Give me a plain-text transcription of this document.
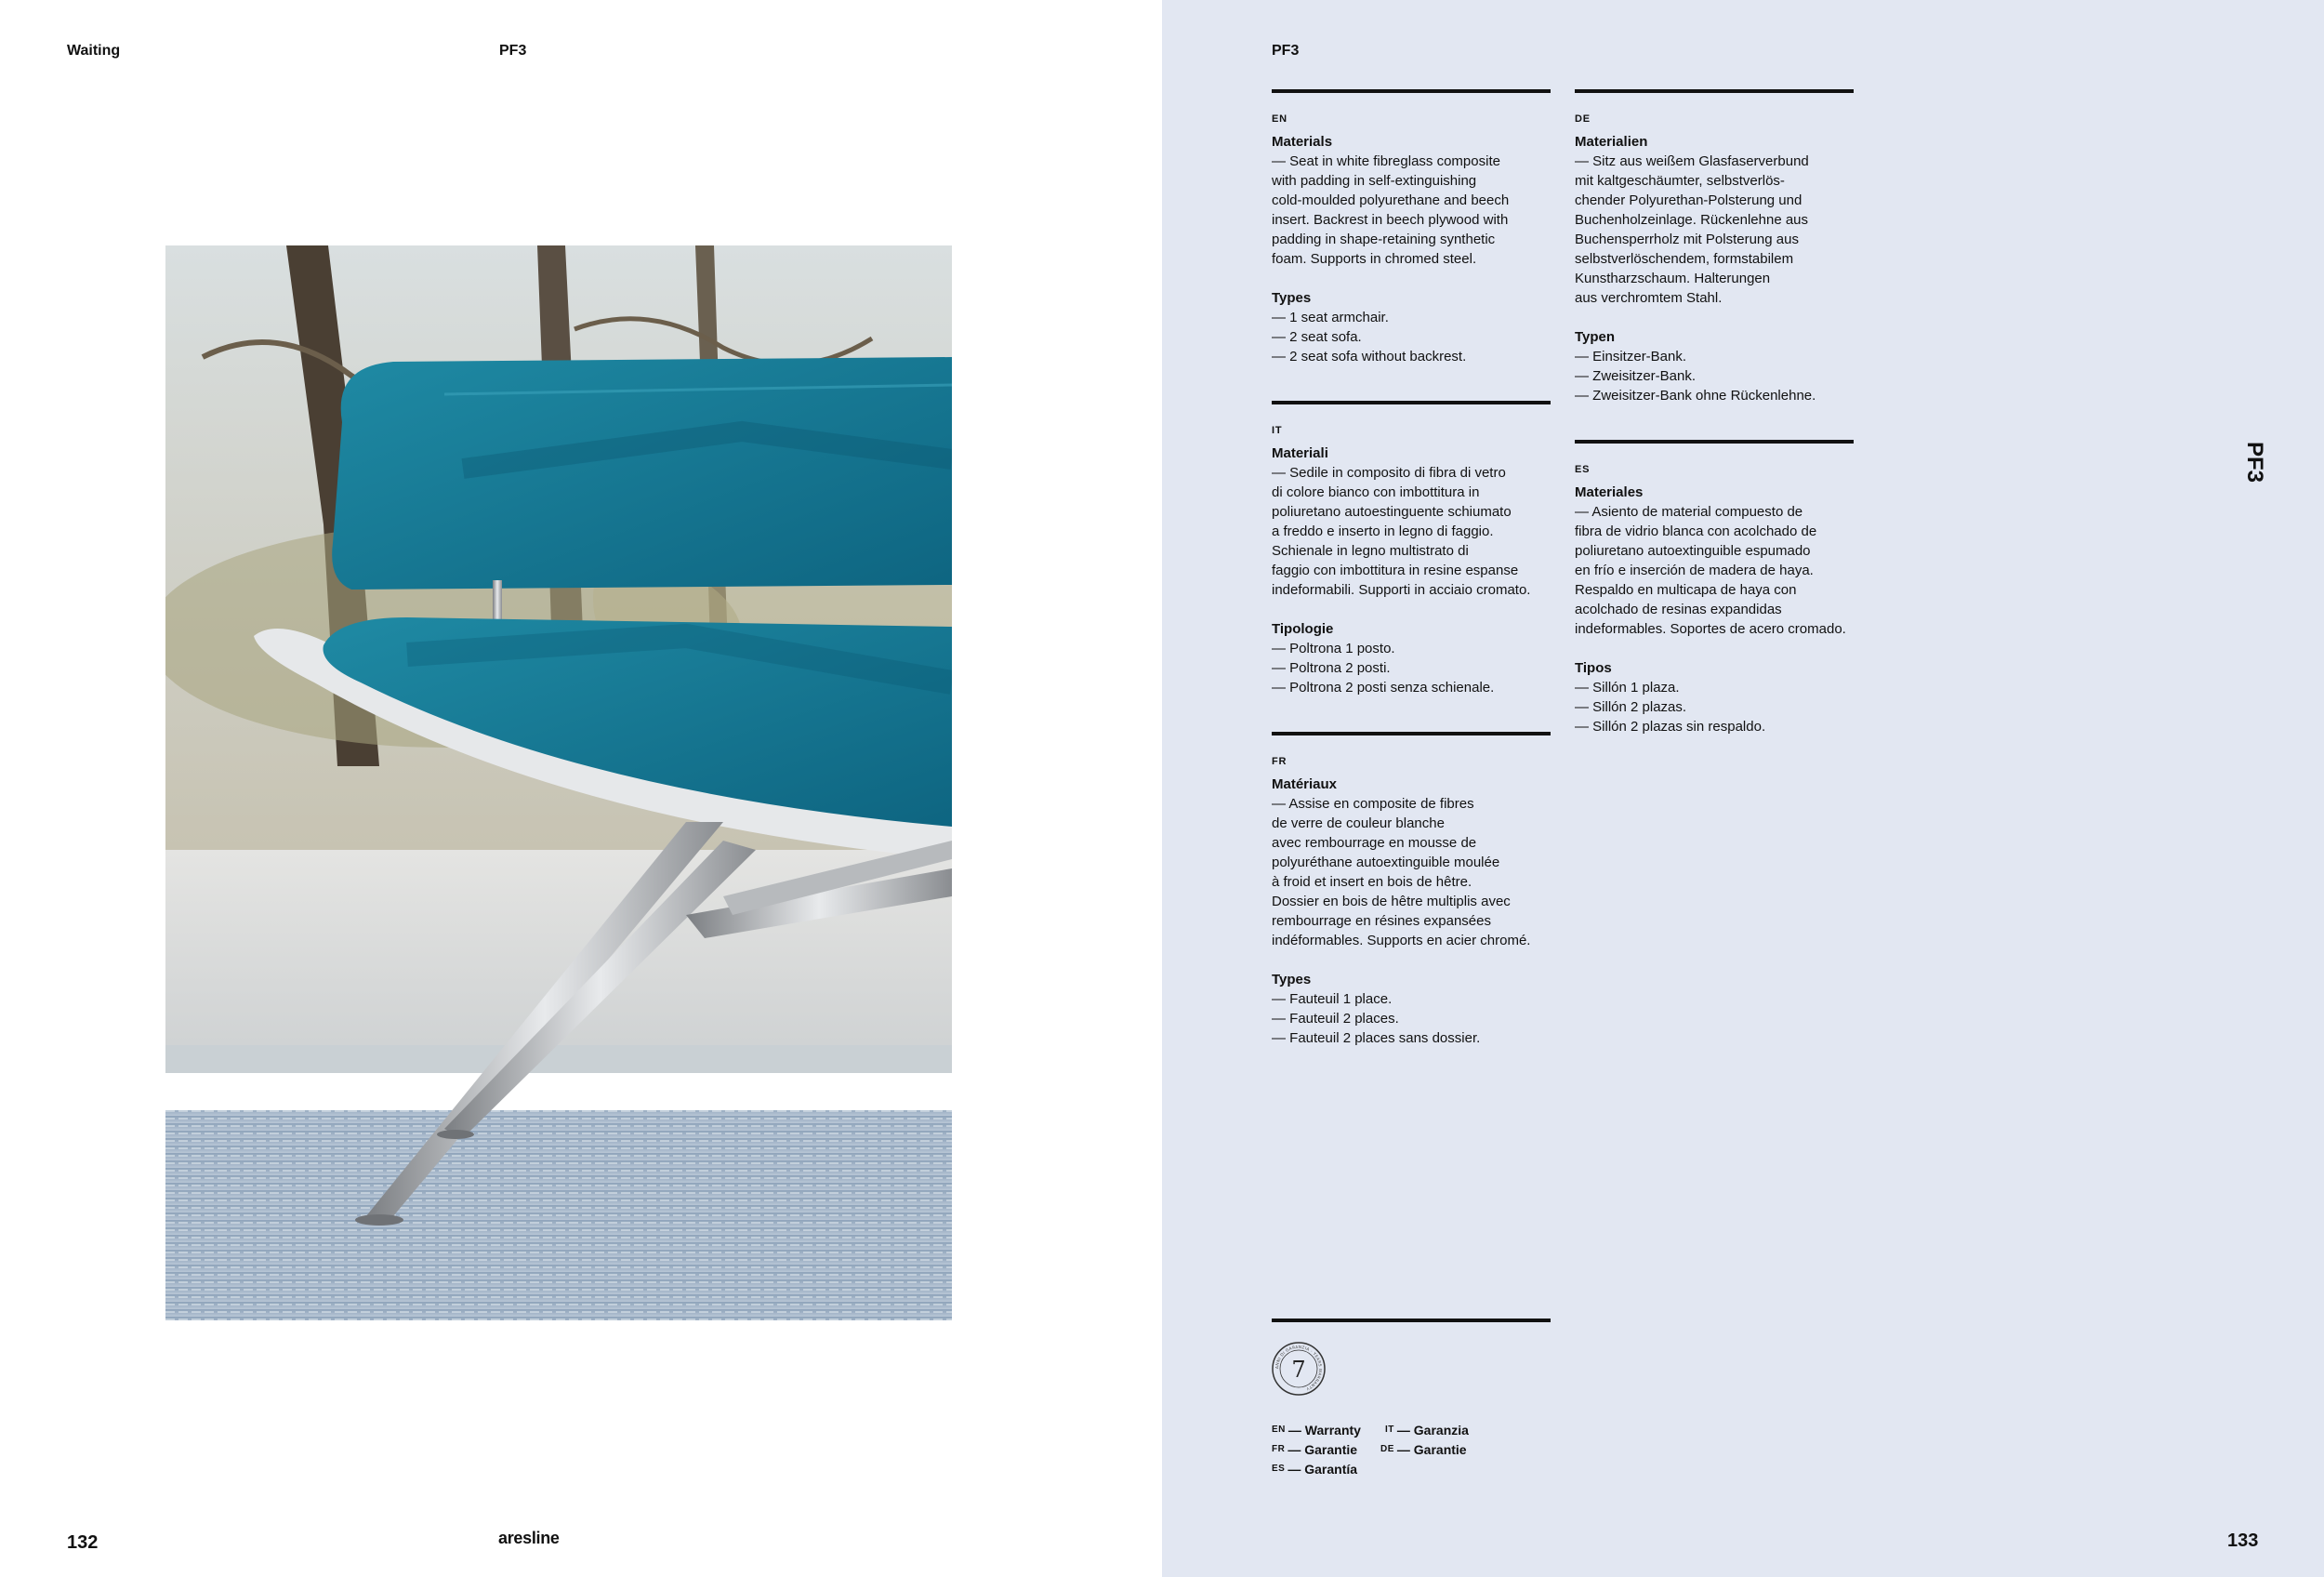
Waiting	PF3
132	aresline
PF3
EN
Materials
— Seat in white fibreglass composite
with padding in self-extinguishing
cold-moulded polyurethane and beech
insert. Backrest in beech plywood with
padding in shape-retaining synthetic
foam. Supports in chromed steel.
Types
— 1 seat armchair.
— 2 seat sofa.
— 2 seat sofa without backrest.
IT
Materiali
— Sedile in composito di fibra di vetro
di colore bianco con imbottitura in
poliuretano autoestinguente schiumato
a freddo e inserto in legno di faggio.
Schienale in legno multistrato di
faggio con imbottitura in resine espanse
indeformabili. Supporti in acciaio cromato.
Tipologie
— Poltrona 1 posto.
— Poltrona 2 posti.
— Poltrona 2 posti senza schienale.
FR
Matériaux
— Assise en composite de fibres
de verre de couleur blanche
avec rembourrage en mousse de
polyuréthane autoextinguible moulée
à froid et insert en bois de hêtre.
Dossier en bois de hêtre multiplis avec
rembourrage en résines expansées
indéformables. Supports en acier chromé.
Types
— Fauteuil 1 place.
— Fauteuil 2 places.
— Fauteuil 2 places sans dossier.
DE
Materialien
— Sitz aus weißem Glasfaserverbund
mit kaltgeschäumter, selbstverlös-
chender Polyurethan-Polsterung und
Buchenholzeinlage. Rückenlehne aus
Buchensperrholz mit Polsterung aus
selbstverlöschendem, formstabilem
Kunstharzschaum. Halterungen
aus verchromtem Stahl.
Typen
— Einsitzer-Bank.
— Zweisitzer-Bank.
— Zweisitzer-Bank ohne Rückenlehne.
ES
Materiales
— Asiento de material compuesto de
fibra de vidrio blanca con acolchado de
poliuretano autoextinguible espumado
en frío e inserción de madera de haya.
Respaldo en multicapa de haya con
acolchado de resinas expandidas
indeformables. Soportes de acero cromado.
Tipos
— Sillón 1 plaza.
— Sillón 2 plazas.
— Sillón 2 plazas sin respaldo.
PF3
7
ANNI DI GARANZIA · YEARS WARRANTY
$^{EN}$ — Warranty	$^{IT}$ — Garanzia
$^{FR}$ — Garantie $^{DE}$ — Garantie
$^{ES}$ — Garantía
133
